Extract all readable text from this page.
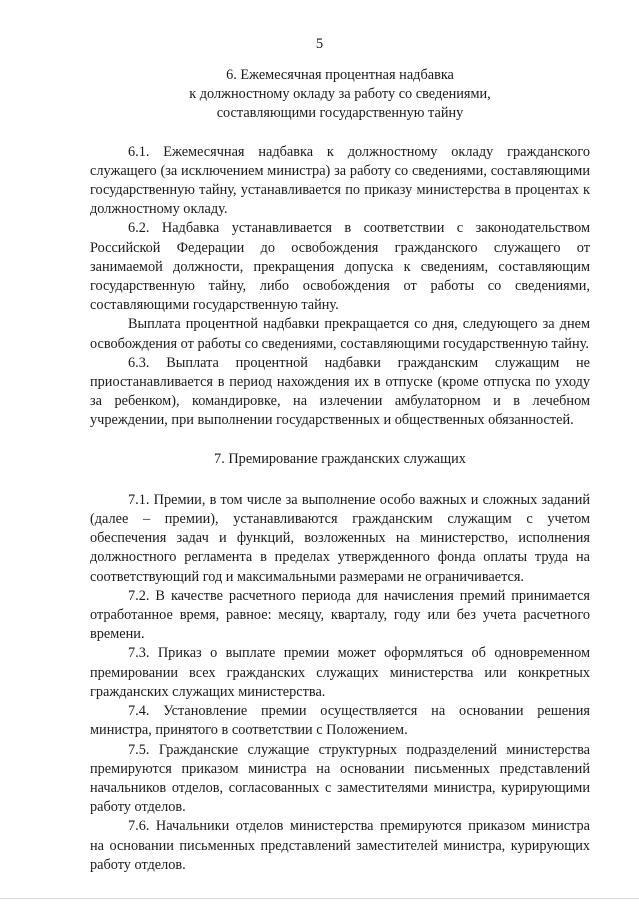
5
6. Ежемесячная процентная надбавка
к должностному окладу за работу со сведениями,
составляющими государственную тайну

6.1. Ежемесячная надбавка к должностному окладу гражданского служащего (за исключением министра) за работу со сведениями, составляющими государственную тайну, устанавливается по приказу министерства в процентах к должностному окладу.

6.2. Надбавка устанавливается в соответствии с законодательством Российской Федерации до освобождения гражданского служащего от занимаемой должности, прекращения допуска к сведениям, составляющим государственную тайну, либо освобождения от работы со сведениями, составляющими государственную тайну.

Выплата процентной надбавки прекращается со дня, следующего за днем освобождения от работы со сведениями, составляющими государственную тайну.

6.3. Выплата процентной надбавки гражданским служащим не приостанавливается в период нахождения их в отпуске (кроме отпуска по уходу за ребенком), командировке, на излечении амбулаторном и в лечебном учреждении, при выполнении государственных и общественных обязанностей.

7. Премирование гражданских служащих

7.1. Премии, в том числе за выполнение особо важных и сложных заданий (далее – премии), устанавливаются гражданским служащим с учетом обеспечения задач и функций, возложенных на министерство, исполнения должностного регламента в пределах утвержденного фонда оплаты труда на соответствующий год и максимальными размерами не ограничивается.

7.2. В качестве расчетного периода для начисления премий принимается отработанное время, равное: месяцу, кварталу, году или без учета расчетного времени.

7.3. Приказ о выплате премии может оформляться об одновременном премировании всех гражданских служащих министерства или конкретных гражданских служащих министерства.

7.4. Установление премии осуществляется на основании решения министра, принятого в соответствии с Положением.

7.5. Гражданские служащие структурных подразделений министерства премируются приказом министра на основании письменных представлений начальников отделов, согласованных с заместителями министра, курирующими работу отделов.

7.6. Начальники отделов министерства премируются приказом министра на основании письменных представлений заместителей министра, курирующих работу отделов.
